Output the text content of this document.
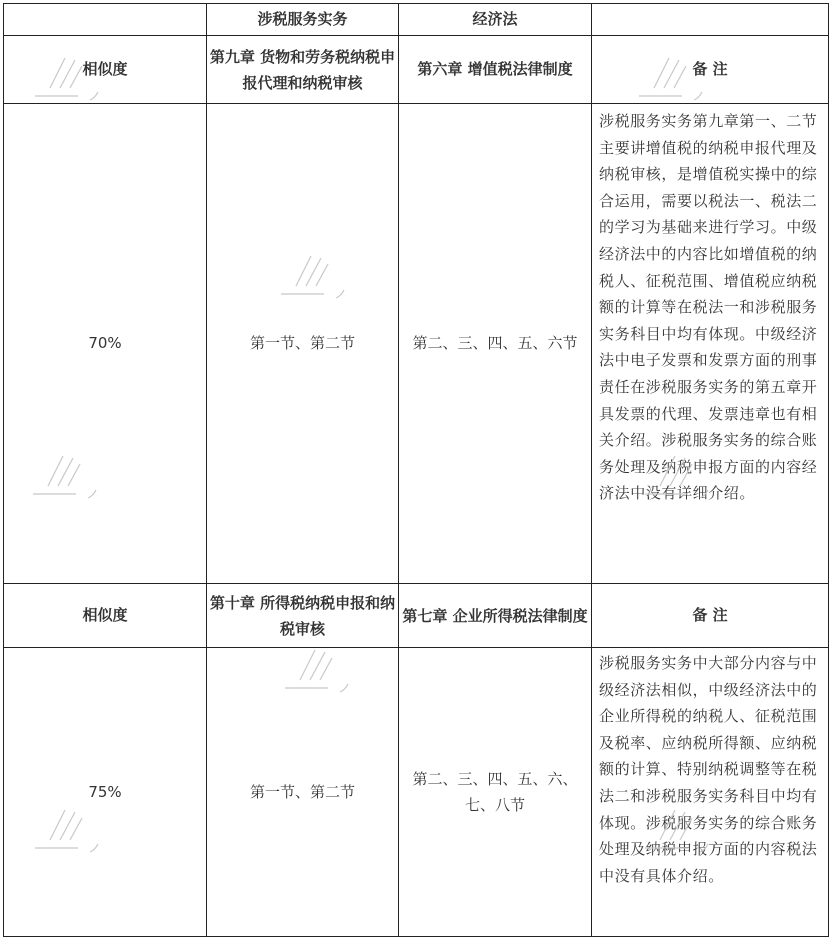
	涉税服务实务	经济法	
相似度	第九章 货物和劳务税纳税申报代理和纳税审核	第六章 增值税法律制度	备 注
70%	第一节、第二节	第二、三、四、五、六节	涉税服务实务第九章第一、二节主要讲增值税的纳税申报代理及纳税审核，是增值税实操中的综合运用，需要以税法一、税法二的学习为基础来进行学习。中级经济法中的内容比如增值税的纳税人、征税范围、增值税应纳税额的计算等在税法一和涉税服务实务科目中均有体现。中级经济法中电子发票和发票方面的刑事责任在涉税服务实务的第五章开具发票的代理、发票违章也有相关介绍。涉税服务实务的综合账务处理及纳税申报方面的内容经济法中没有详细介绍。
相似度	第十章 所得税纳税申报和纳税审核	第七章 企业所得税法律制度	备 注
75%	第一节、第二节	第二、三、四、五、六、七、八节	涉税服务实务中大部分内容与中级经济法相似，中级经济法中的企业所得税的纳税人、征税范围及税率、应纳税所得额、应纳税额的计算、特别纳税调整等在税法二和涉税服务实务科目中均有体现。涉税服务实务的综合账务处理及纳税申报方面的内容税法中没有具体介绍。
